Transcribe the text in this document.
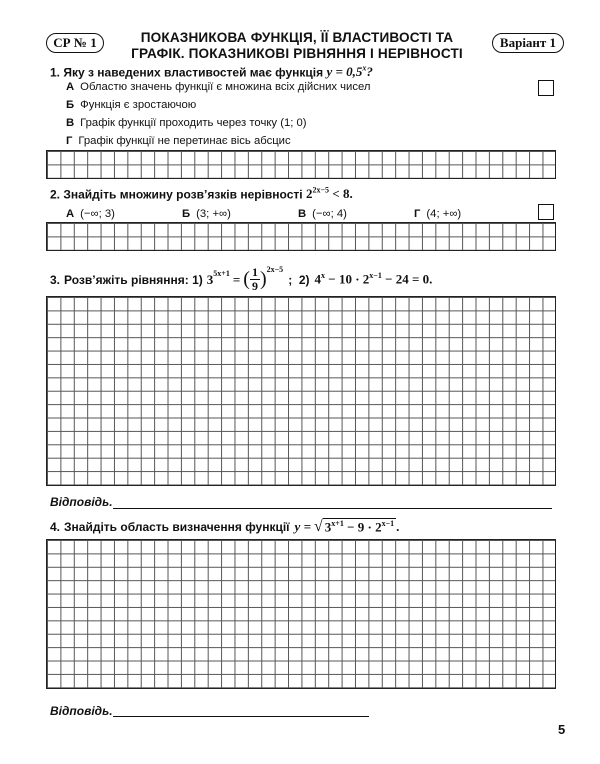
СР № 1	ПОКАЗНИКОВА ФУНКЦІЯ, ЇЇ ВЛАСТИВОСТІ ТА
ГРАФІК. ПОКАЗНИКОВІ РІВНЯННЯ І НЕРІВНОСТІ
Варіант 1
1. Яку з наведених властивостей має функція $y = 0,5^x$?
А Областю значень функції є множина всіх дійсних чисел
Б Функція є зростаючою
В Графік функції проходить через точку (1; 0)
Г Графік функції не перетинає вісь абсцис
2. Знайдіть множину розв’язків нерівності $2^{2x-5} < 8$.
А (−∞; 3)	Б (3; +∞)	В (−∞; 4)	Г (4; +∞)
3. Розв’яжіть рівняння: 1) $3^{5x+1}$ = ( 1
9 )$^{2x-5}$
;  2) $4^x - 10 \cdot 2^{x-1} - 24 = 0$.
Відповідь.
4. Знайдіть область визначення функції y = √ $3^{x+1} - 9 \cdot 2^{x-1}$ .
Відповідь.
5
